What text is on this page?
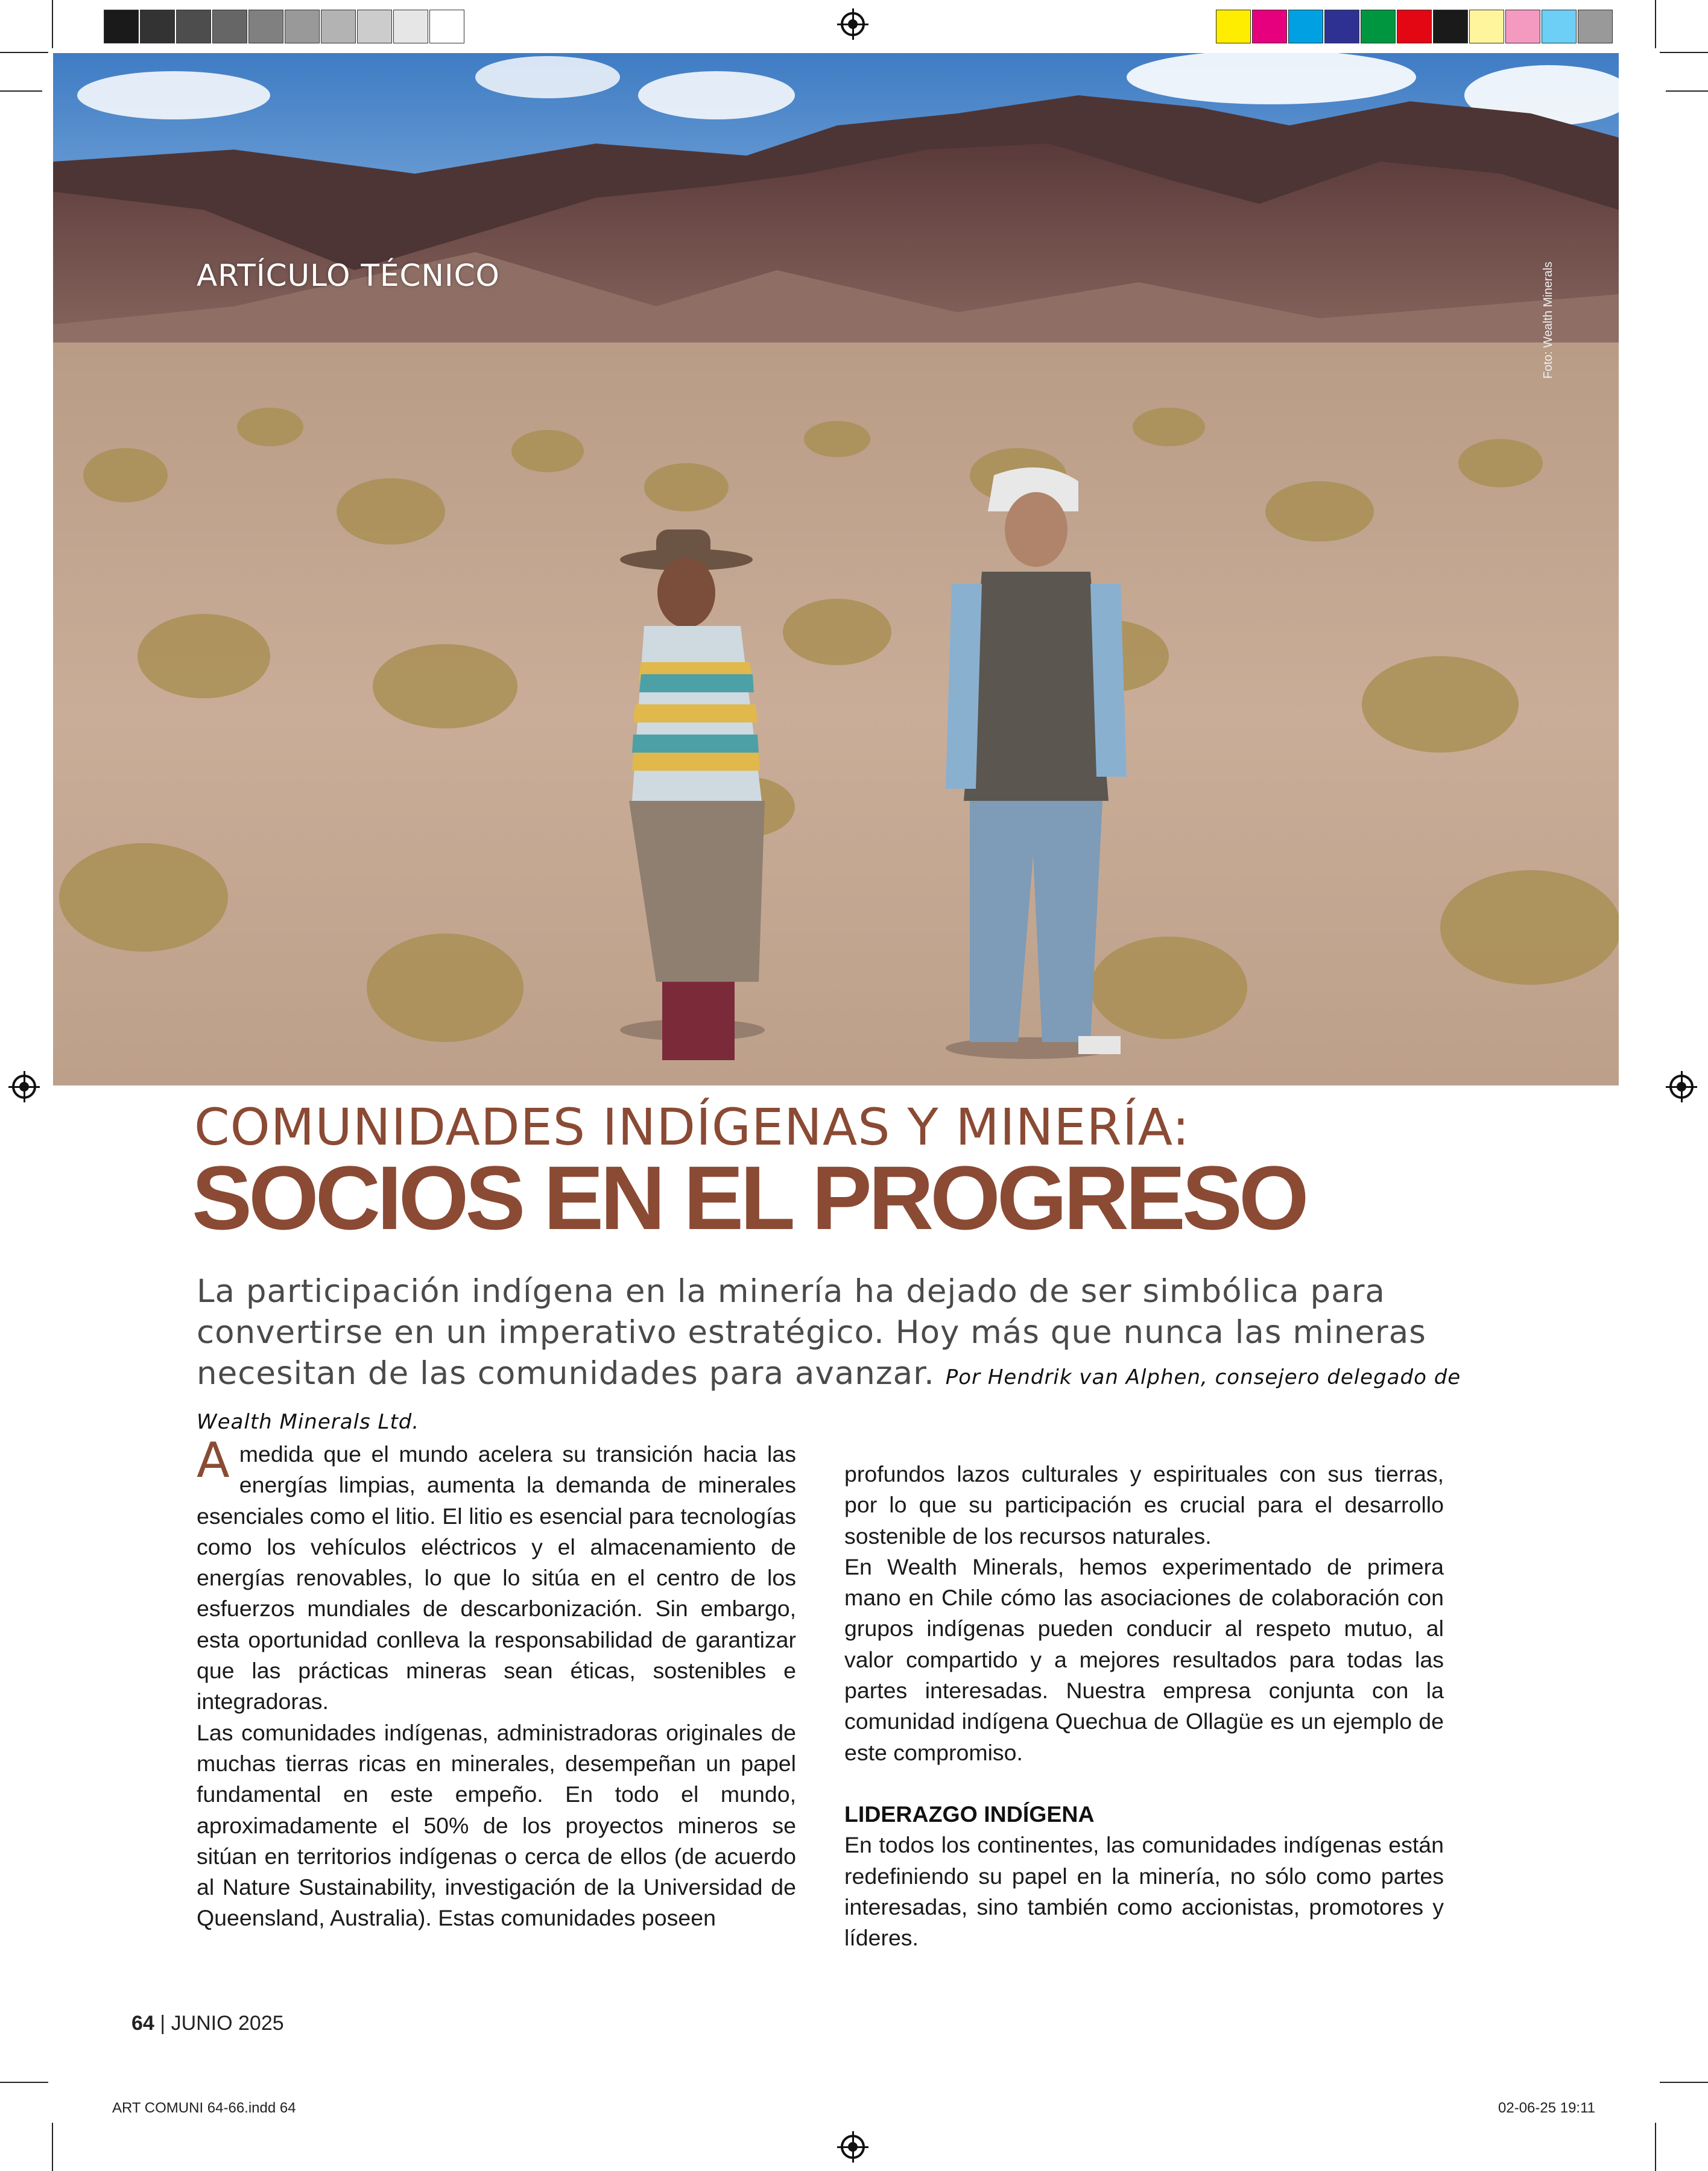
ARTÍCULO TÉCNICO	Foto: Wealth Minerals
COMUNIDADES INDÍGENAS Y MINERÍA:
SOCIOS EN EL PROGRESO
La participación indígena en la minería ha dejado de ser simbólica para convertirse en un imperativo estratégico. Hoy más que nunca las mineras necesitan de las comunidades para avanzar. Por Hendrik van Alphen, consejero delegado de Wealth Minerals Ltd.

Amedida que el mundo acelera su transición hacia las energías limpias, aumenta la demanda de minerales esenciales como el litio. El litio es esencial para tecnologías como los vehículos eléctricos y el almacenamiento de energías renovables, lo que lo sitúa en el centro de los esfuerzos mundiales de descarbonización. Sin embargo, esta oportunidad conlleva la responsabilidad de garantizar que las prácticas mineras sean éticas, sostenibles e integradoras.

Las comunidades indígenas, administradoras originales de muchas tierras ricas en minerales, desempeñan un papel fundamental en este empeño. En todo el mundo, aproximadamente el 50% de los proyectos mineros se sitúan en territorios indígenas o cerca de ellos (de acuerdo al Nature Sustainability, investigación de la Universidad de Queensland, Australia). Estas comunidades poseen

profundos lazos culturales y espirituales con sus tierras, por lo que su participación es crucial para el desarrollo sostenible de los recursos naturales.

En Wealth Minerals, hemos experimentado de primera mano en Chile cómo las asociaciones de colaboración con grupos indígenas pueden conducir al respeto mutuo, al valor compartido y a mejores resultados para todas las partes interesadas. Nuestra empresa conjunta con la comunidad indígena Quechua de Ollagüe es un ejemplo de este compromiso.

LIDERAZGO INDÍGENA

En todos los continentes, las comunidades indígenas están redefiniendo su papel en la minería, no sólo como partes interesadas, sino también como accionistas, promotores y líderes.

64 | JUNIO 2025
ART COMUNI 64-66.indd 64	02-06-25 19:11
